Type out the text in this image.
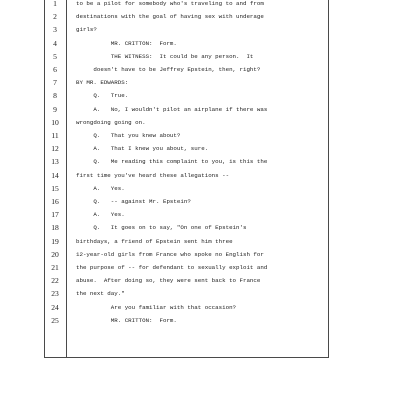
1	to be a pilot for somebody who's traveling to and from
2	destinations with the goal of having sex with underage
3	girls?
4	MR. CRITTON:  Form.
5	THE WITNESS:  It could be any person.  It
6	doesn't have to be Jeffrey Epstein, then, right?
7	BY MR. EDWARDS:
8	Q.   True.
9	A.   No, I wouldn't pilot an airplane if there was
10	wrongdoing going on.
11	Q.   That you knew about?
12	A.   That I knew you about, sure.
13	Q.   Me reading this complaint to you, is this the
14	first time you've heard these allegations --
15	A.   Yes.
16	Q.   -- against Mr. Epstein?
17	A.   Yes.
18	Q.   It goes on to say, "On one of Epstein's
19	birthdays, a friend of Epstein sent him three
20	12-year-old girls from France who spoke no English for
21	the purpose of -- for defendant to sexually exploit and
22	abuse.  After doing so, they were sent back to France
23	the next day."
24	Are you familiar with that occasion?
25	MR. CRITTON:  Form.
